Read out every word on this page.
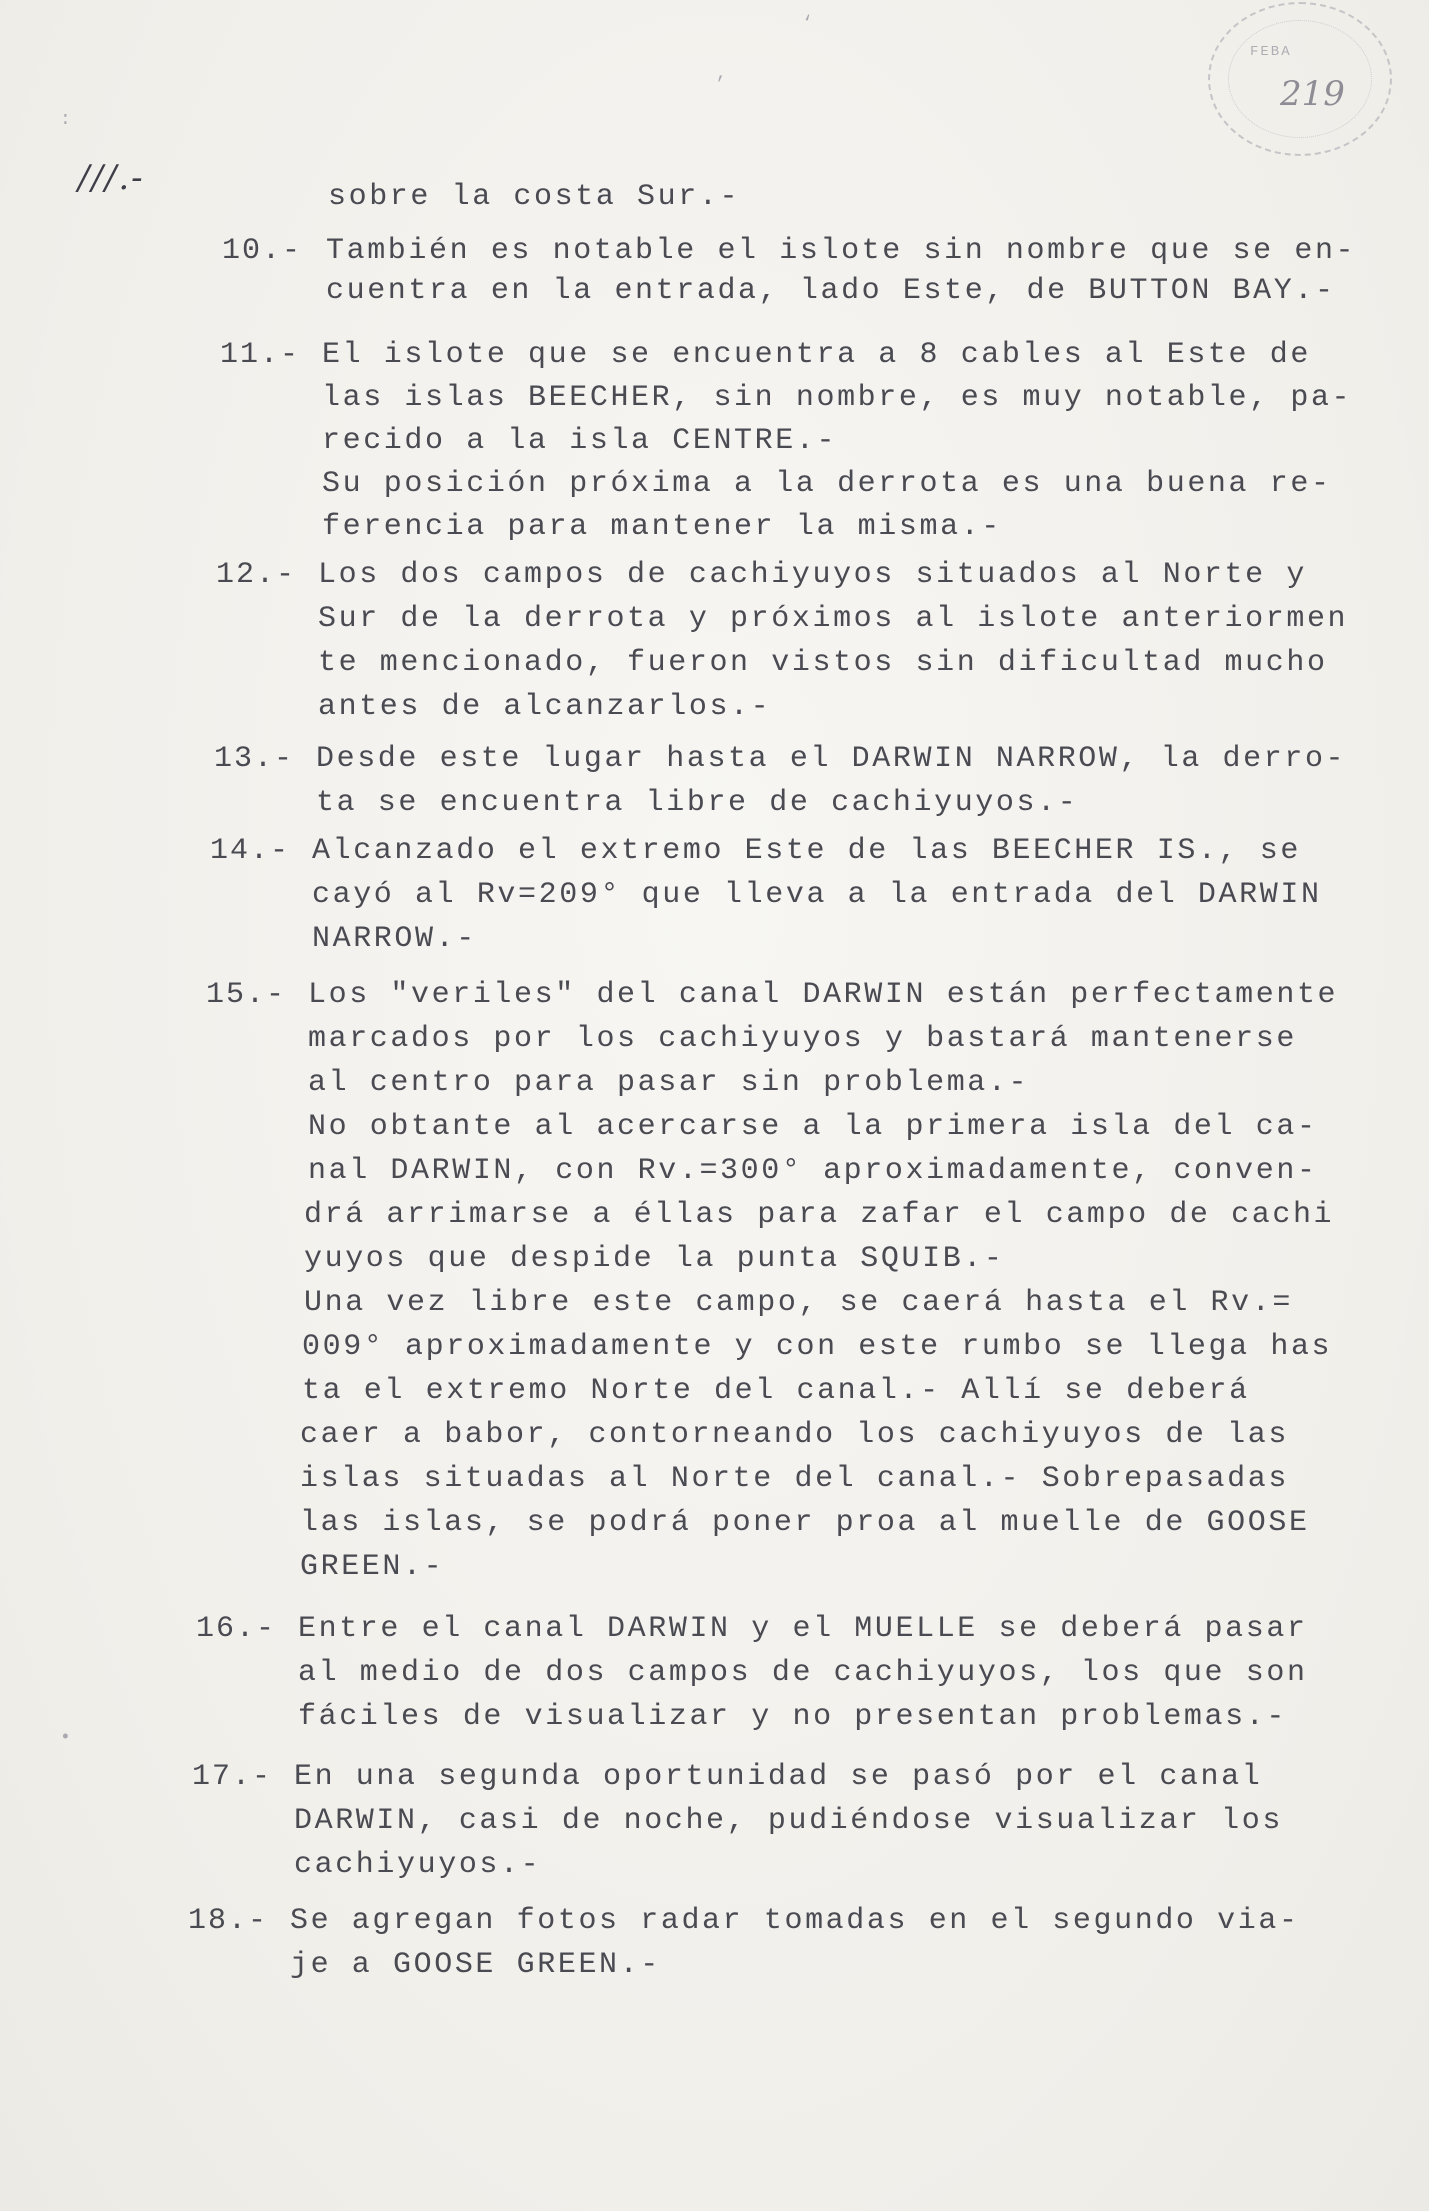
FEBA
219
‘
,
///.-	sobre la costa Sur.-
10.- También es notable el islote sin nombre que se en-
cuentra en la entrada, lado Este, de BUTTON BAY.-
11.- El islote que se encuentra a 8 cables al Este de
las islas BEECHER, sin nombre, es muy notable, pa-
recido a la isla CENTRE.-
Su posición próxima a la derrota es una buena re-
ferencia para mantener la misma.-
12.- Los dos campos de cachiyuyos situados al Norte y
Sur de la derrota y próximos al islote anteriormen
te mencionado, fueron vistos sin dificultad mucho
antes de alcanzarlos.-
13.- Desde este lugar hasta el DARWIN NARROW, la derro-
ta se encuentra libre de cachiyuyos.-
14.- Alcanzado el extremo Este de las BEECHER IS., se
cayó al Rv=209° que lleva a la entrada del DARWIN
NARROW.-
15.- Los "veriles" del canal DARWIN están perfectamente
marcados por los cachiyuyos y bastará mantenerse
al centro para pasar sin problema.-
No obtante al acercarse a la primera isla del ca-
nal DARWIN, con Rv.=300° aproximadamente, conven-
drá arrimarse a éllas para zafar el campo de cachi
yuyos que despide la punta SQUIB.-
Una vez libre este campo, se caerá hasta el Rv.=
009° aproximadamente y con este rumbo se llega has
ta el extremo Norte del canal.- Allí se deberá
caer a babor, contorneando los cachiyuyos de las
islas situadas al Norte del canal.- Sobrepasadas
las islas, se podrá poner proa al muelle de GOOSE
GREEN.-
16.- Entre el canal DARWIN y el MUELLE se deberá pasar
al medio de dos campos de cachiyuyos, los que son
fáciles de visualizar y no presentan problemas.-
17.- En una segunda oportunidad se pasó por el canal
DARWIN, casi de noche, pudiéndose visualizar los
cachiyuyos.-
18.- Se agregan fotos radar tomadas en el segundo via-
je a GOOSE GREEN.-
:
•
